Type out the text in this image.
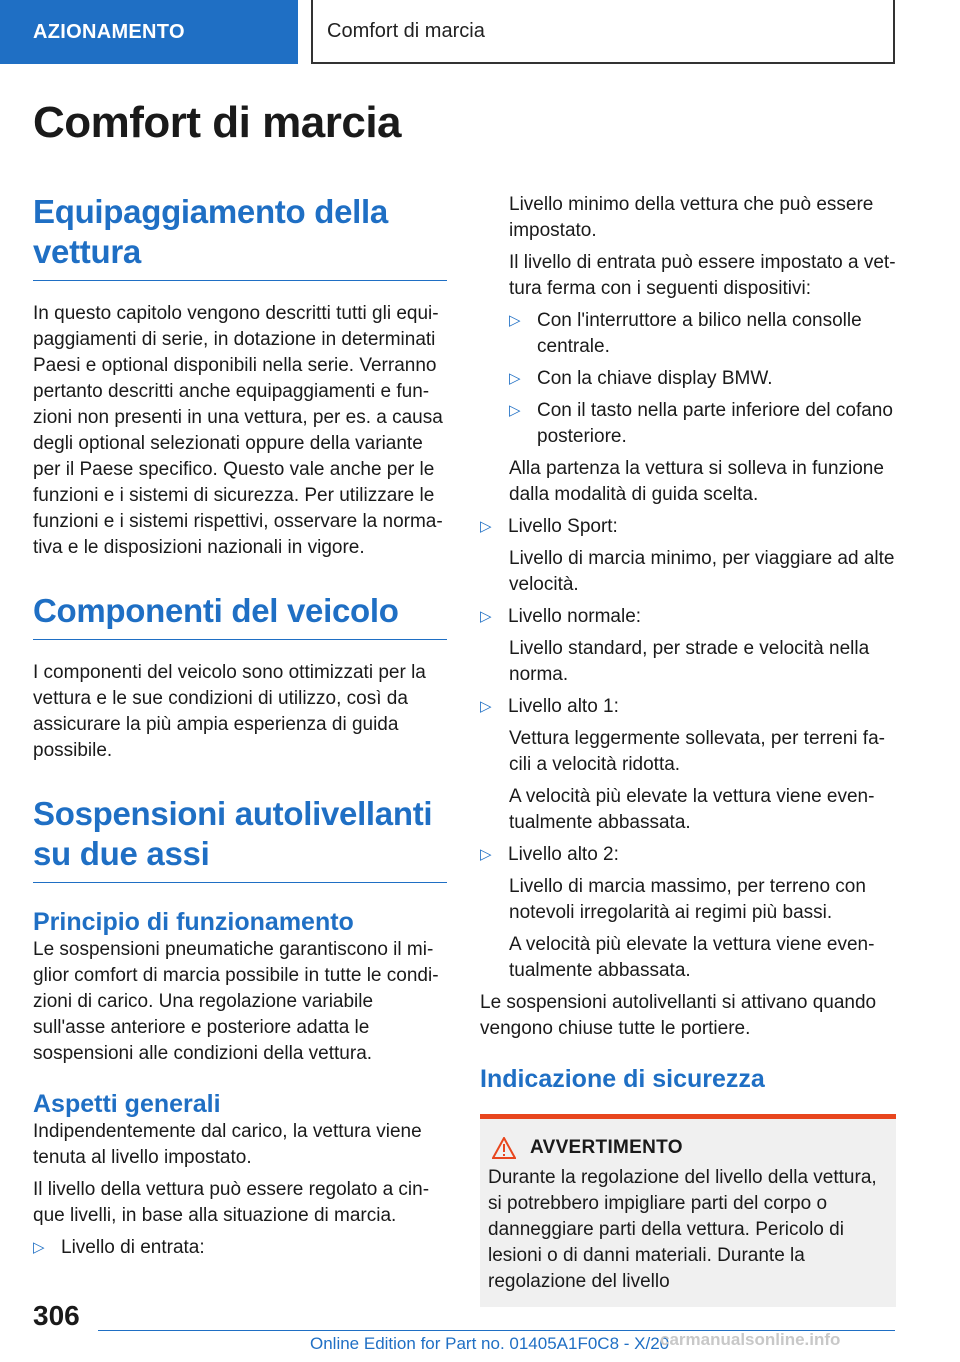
AZIONAMENTO	Comfort di marcia
Comfort di marcia
Equipaggiamento della vettura

In questo capitolo vengono descritti tutti gli equipaggiamenti di serie, in dotazione in determinati Paesi e optional disponibili nella serie. Verranno pertanto descritti anche equipaggiamenti e funzioni non presenti in una vettura, per es. a causa degli optional selezionati oppure della variante per il Paese specifico. Questo vale anche per le funzioni e i sistemi di sicurezza. Per utilizzare le funzioni e i sistemi rispettivi, osservare la normativa e le disposizioni nazionali in vigore.

Componenti del veicolo

I componenti del veicolo sono ottimizzati per la vettura e le sue condizioni di utilizzo, così da assicurare la più ampia esperienza di guida possibile.

Sospensioni autolivellanti su due assi
Principio di funzionamento

Le sospensioni pneumatiche garantiscono il miglior comfort di marcia possibile in tutte le condizioni di carico. Una regolazione variabile sull'asse anteriore e posteriore adatta le sospensioni alle condizioni della vettura.

Aspetti generali

Indipendentemente dal carico, la vettura viene tenuta al livello impostato.

Il livello della vettura può essere regolato a cinque livelli, in base alla situazione di marcia.

▷ Livello di entrata:

Livello minimo della vettura che può essere impostato.

Il livello di entrata può essere impostato a vettura ferma con i seguenti dispositivi:

▷ Con l'interruttore a bilico nella consolle centrale.
▷ Con la chiave display BMW.
▷ Con il tasto nella parte inferiore del cofano posteriore.

Alla partenza la vettura si solleva in funzione dalla modalità di guida scelta.

▷ Livello Sport:

Livello di marcia minimo, per viaggiare ad alte velocità.

▷ Livello normale:

Livello standard, per strade e velocità nella norma.

▷ Livello alto 1:

Vettura leggermente sollevata, per terreni facili a velocità ridotta.

A velocità più elevate la vettura viene eventualmente abbassata.

▷ Livello alto 2:

Livello di marcia massimo, per terreno con notevoli irregolarità ai regimi più bassi.

A velocità più elevate la vettura viene eventualmente abbassata.

Le sospensioni autolivellanti si attivano quando vengono chiuse tutte le portiere.

Indicazione di sicurezza
AVVERTIMENTO

Durante la regolazione del livello della vettura, si potrebbero impigliare parti del corpo o danneggiare parti della vettura. Pericolo di lesioni o di danni materiali. Durante la regolazione del livello

306
Online Edition for Part no. 01405A1F0C8 - X/20
carmanualsonline.info
